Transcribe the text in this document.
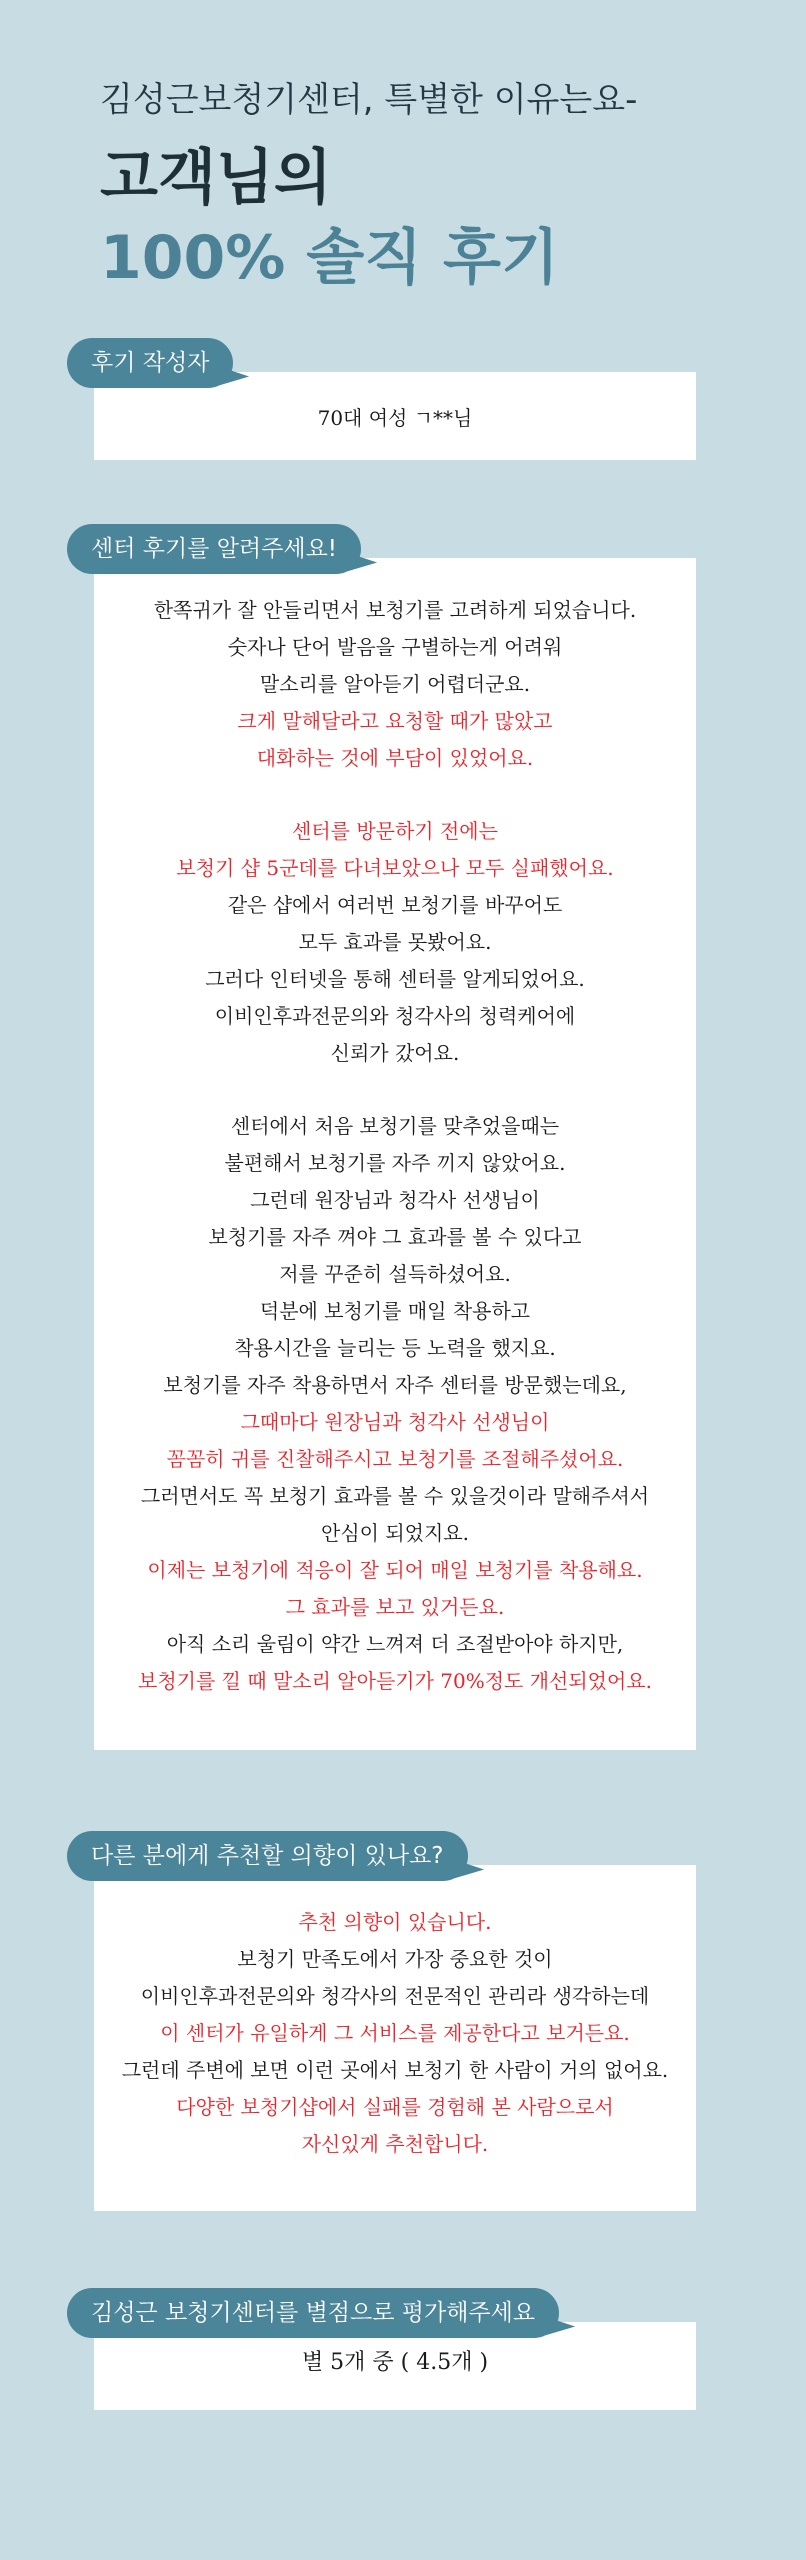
김성근보청기센터, 특별한 이유는요-

고객님의

100% 솔직 후기

후기 작성자
70대 여성 ㄱ**님
센터 후기를 알려주세요!
한쪽귀가 잘 안들리면서 보청기를 고려하게 되었습니다.
숫자나 단어 발음을 구별하는게 어려워
말소리를 알아듣기 어렵더군요.
크게 말해달라고 요청할 때가 많았고
대화하는 것에 부담이 있었어요.
센터를 방문하기 전에는
보청기 샵 5군데를 다녀보았으나 모두 실패했어요.
같은 샵에서 여러번 보청기를 바꾸어도
모두 효과를 못봤어요.
그러다 인터넷을 통해 센터를 알게되었어요.
이비인후과전문의와 청각사의 청력케어에
신뢰가 갔어요.
센터에서 처음 보청기를 맞추었을때는
불편해서 보청기를 자주 끼지 않았어요.
그런데 원장님과 청각사 선생님이
보청기를 자주 껴야 그 효과를 볼 수 있다고
저를 꾸준히 설득하셨어요.
덕분에 보청기를 매일 착용하고
착용시간을 늘리는 등 노력을 했지요.
보청기를 자주 착용하면서 자주 센터를 방문했는데요,
그때마다 원장님과 청각사 선생님이
꼼꼼히 귀를 진찰해주시고 보청기를 조절해주셨어요.
그러면서도 꼭 보청기 효과를 볼 수 있을것이라 말해주셔서
안심이 되었지요.
이제는 보청기에 적응이 잘 되어 매일 보청기를 착용해요.
그 효과를 보고 있거든요.
아직 소리 울림이 약간 느껴져 더 조절받아야 하지만,
보청기를 낄 때 말소리 알아듣기가 70%정도 개선되었어요.
다른 분에게 추천할 의향이 있나요?
추천 의향이 있습니다.
보청기 만족도에서 가장 중요한 것이
이비인후과전문의와 청각사의 전문적인 관리라 생각하는데
이 센터가 유일하게 그 서비스를 제공한다고 보거든요.
그런데 주변에 보면 이런 곳에서 보청기 한 사람이 거의 없어요.
다양한 보청기샵에서 실패를 경험해 본 사람으로서
자신있게 추천합니다.
김성근 보청기센터를 별점으로 평가해주세요
별 5개 중 ( 4.5개 )
